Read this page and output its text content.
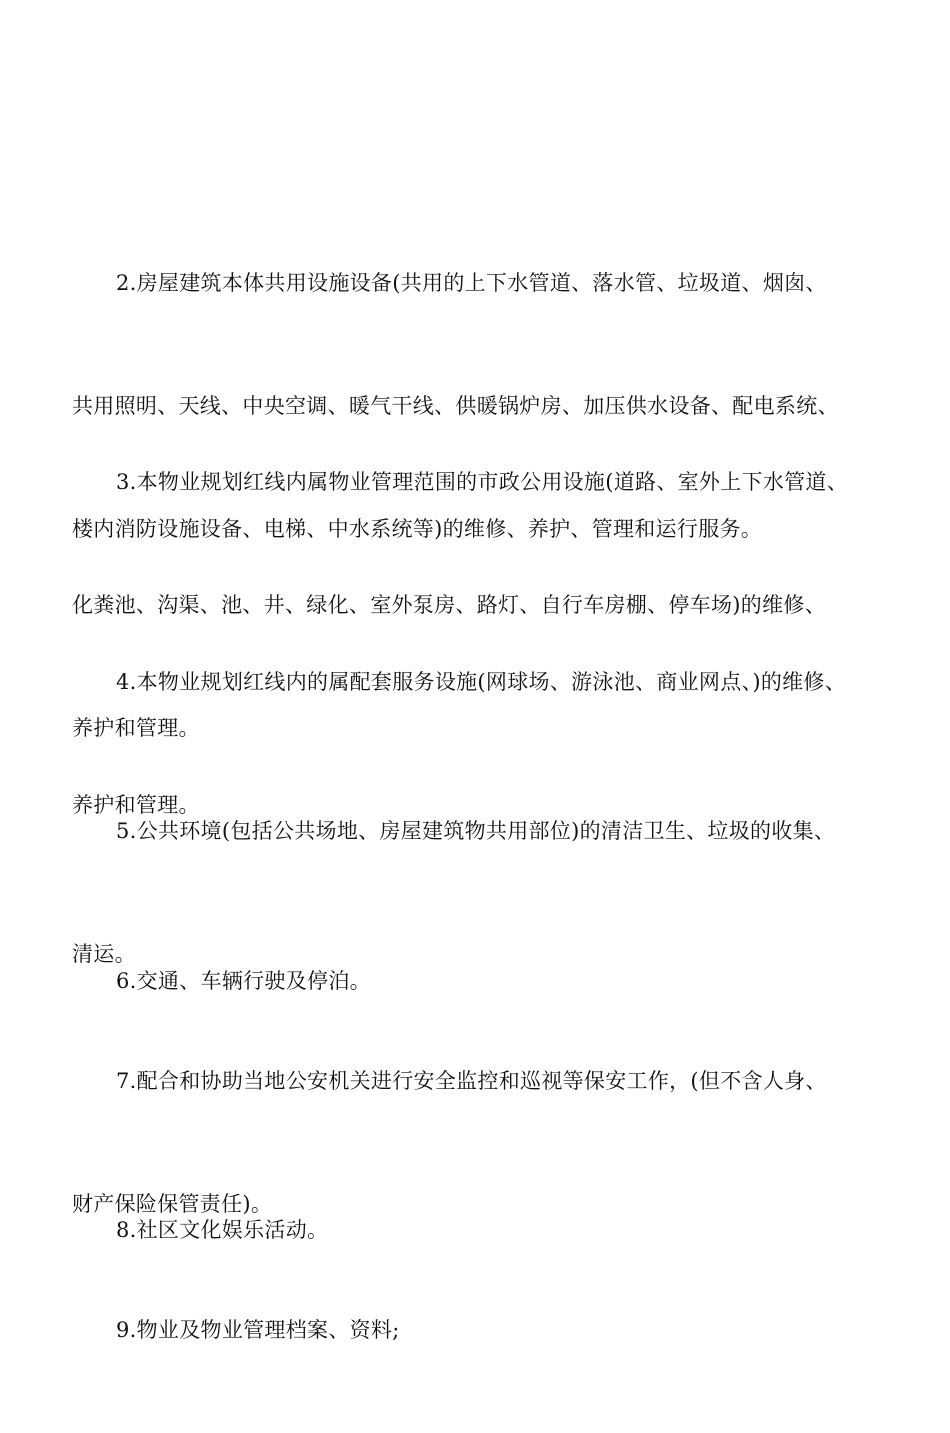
2.房屋建筑本体共用设施设备(共用的上下水管道、落水管、垃圾道、烟囱、

共用照明、天线、中央空调、暖气干线、供暖锅炉房、加压供水设备、配电系统、

楼内消防设施设备、电梯、中水系统等)的维修、养护、管理和运行服务。

3.本物业规划红线内属物业管理范围的市政公用设施(道路、室外上下水管道、

化粪池、沟渠、池、井、绿化、室外泵房、路灯、自行车房棚、停车场)的维修、

养护和管理。

4.本物业规划红线内的属配套服务设施(网球场、游泳池、商业网点、)的维修、

养护和管理。

5.公共环境(包括公共场地、房屋建筑物共用部位)的清洁卫生、垃圾的收集、

清运。

6.交通、车辆行驶及停泊。

7.配合和协助当地公安机关进行安全监控和巡视等保安工作，(但不含人身、

财产保险保管责任)。

8.社区文化娱乐活动。

9.物业及物业管理档案、资料;
